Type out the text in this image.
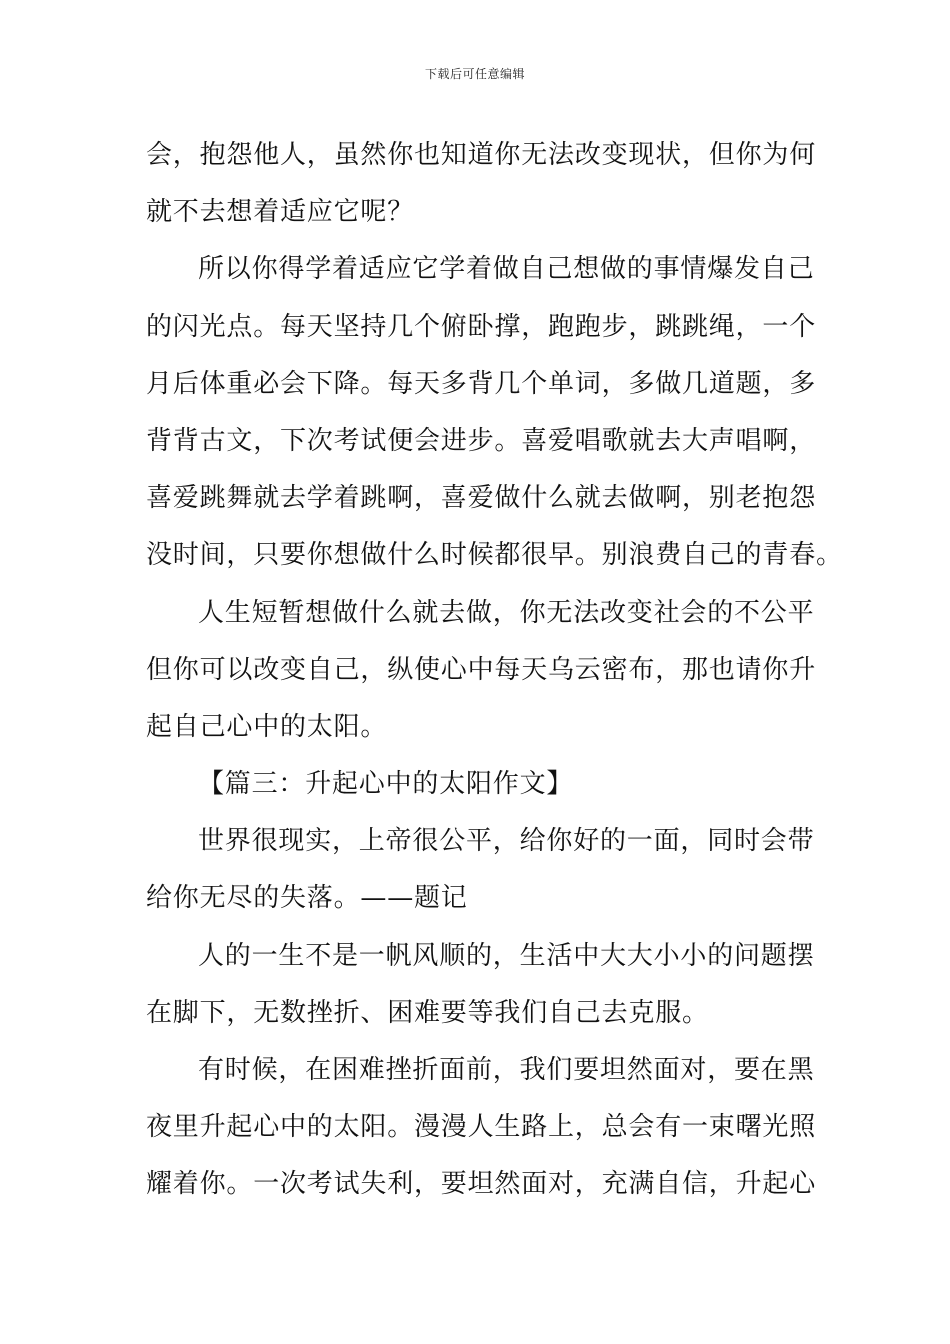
下载后可任意编辑
会，抱怨他人，虽然你也知道你无法改变现状，但你为何
就不去想着适应它呢？
所以你得学着适应它学着做自己想做的事情爆发自己
的闪光点。每天坚持几个俯卧撑，跑跑步，跳跳绳，一个
月后体重必会下降。每天多背几个单词，多做几道题，多
背背古文，下次考试便会进步。喜爱唱歌就去大声唱啊，
喜爱跳舞就去学着跳啊，喜爱做什么就去做啊，别老抱怨
没时间，只要你想做什么时候都很早。别浪费自己的青春。
人生短暂想做什么就去做，你无法改变社会的不公平
但你可以改变自己，纵使心中每天乌云密布，那也请你升
起自己心中的太阳。
【篇三：升起心中的太阳作文】
世界很现实，上帝很公平，给你好的一面，同时会带
给你无尽的失落。——题记
人的一生不是一帆风顺的，生活中大大小小的问题摆
在脚下，无数挫折、困难要等我们自己去克服。
有时候，在困难挫折面前，我们要坦然面对，要在黑
夜里升起心中的太阳。漫漫人生路上，总会有一束曙光照
耀着你。一次考试失利，要坦然面对，充满自信，升起心
